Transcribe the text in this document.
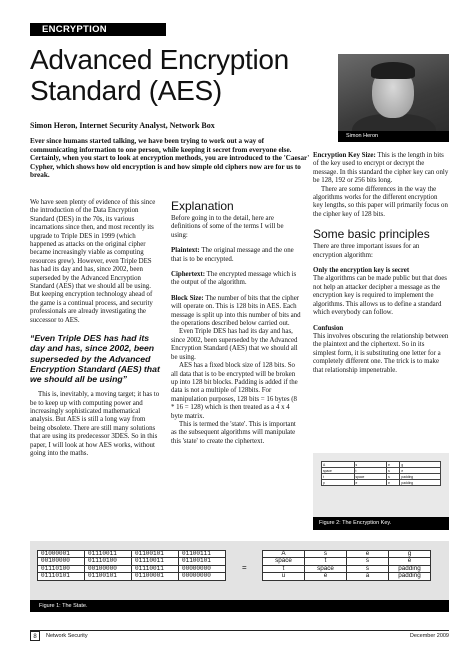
ENCRYPTION
Advanced Encryption
Standard (AES)
Simon Heron
Simon Heron, Internet Security Analyst, Network Box
Ever since humans started talking, we have been trying to work out a way of communicating information to one person, while keeping it secret from everyone else. Certainly, when you start to look at encryption methods, you are introduced to the 'Caesar' Cypher, which shows how old encryption is and how simple old ciphers now are for us to break.

We have seen plenty of evidence of this since the introduction of the Data Encryption Standard (DES) in the 70s, its various incarnations since then, and most recently its upgrade to Triple DES in 1999 (which happened as attacks on the original cipher became increasingly viable as computing resources grew). However, even Triple DES has had its day and has, since 2002, been superseded by the Advanced Encryption Standard (AES) that we should all be using. But keeping encryption technology ahead of the game is a continual process, and security professionals are already investigating the successor to AES.

“Even Triple DES has had its day and has, since 2002, been superseded by the Advanced Encryption Standard (AES) that we should all be using”

This is, inevitably, a moving target; it has to be to keep up with computing power and increasingly sophisticated mathematical analysis. But AES is still a long way from being obsolete. There are still many solutions that are using its predecessor 3DES. So in this paper, I will look at how AES works, without going into the maths.

Explanation

Before going in to the detail, here are definitions of some of the terms I will be using:

Plaintext: The original message and the one that is to be encrypted.

Ciphertext: The encrypted message which is the output of the algorithm.

Block Size: The number of bits that the cipher will operate on. This is 128 bits in AES. Each message is split up into this number of bits and the operations described below carried out.

Even Triple DES has had its day and has, since 2002, been superseded by the Advanced Encryption Standard (AES) that we should all be using.

AES has a fixed block size of 128 bits. So all data that is to be encrypted will be broken up into 128 bit blocks. Padding is added if the data is not a multiple of 128bits. For manipulation purposes, 128 bits = 16 bytes (8 * 16 = 128) which is then treated as a 4 x 4 byte matrix.

This is termed the 'state'. This is important as the subsequent algorithms will manipulate this 'state' to create the ciphertext.

Encryption Key Size: This is the length in bits of the key used to encrypt or decrypt the message. In this standard the cipher key can only be 128, 192 or 256 bits long.

There are some differences in the way the algorithms works for the different encryption key lengths, so this paper will primarily focus on the cipher key of 128 bits.

Some basic principles

There are three important issues for an encryption algorithm:

Only the encryption key is secret

The algorithms can be made public but that does not help an attacker decipher a message as the encryption key is required to implement the algorithms. This allows us to define a standard which everybody can follow.

Confusion

This involves obscuring the relationship between the plaintext and the ciphertext. So in its simplest form, it is substituting one letter for a completely different one. The trick is to make that relationship impenetrable.

A	s	e	g
space	t	s	e
t	space	s	padding
p	e	e	padding
Figure 2: The Encryption Key.
01000001	01110011	01100101	01100111
00100000	01110100	01110011	01100101
01110100	00100000	01110011	00000000
01110101	01100101	01100001	00000000
=
A	s	e	g
space	t	s	e
t	space	s	padding
u	e	a	padding
Figure 1: The State.
8	Network Security	December 2009
